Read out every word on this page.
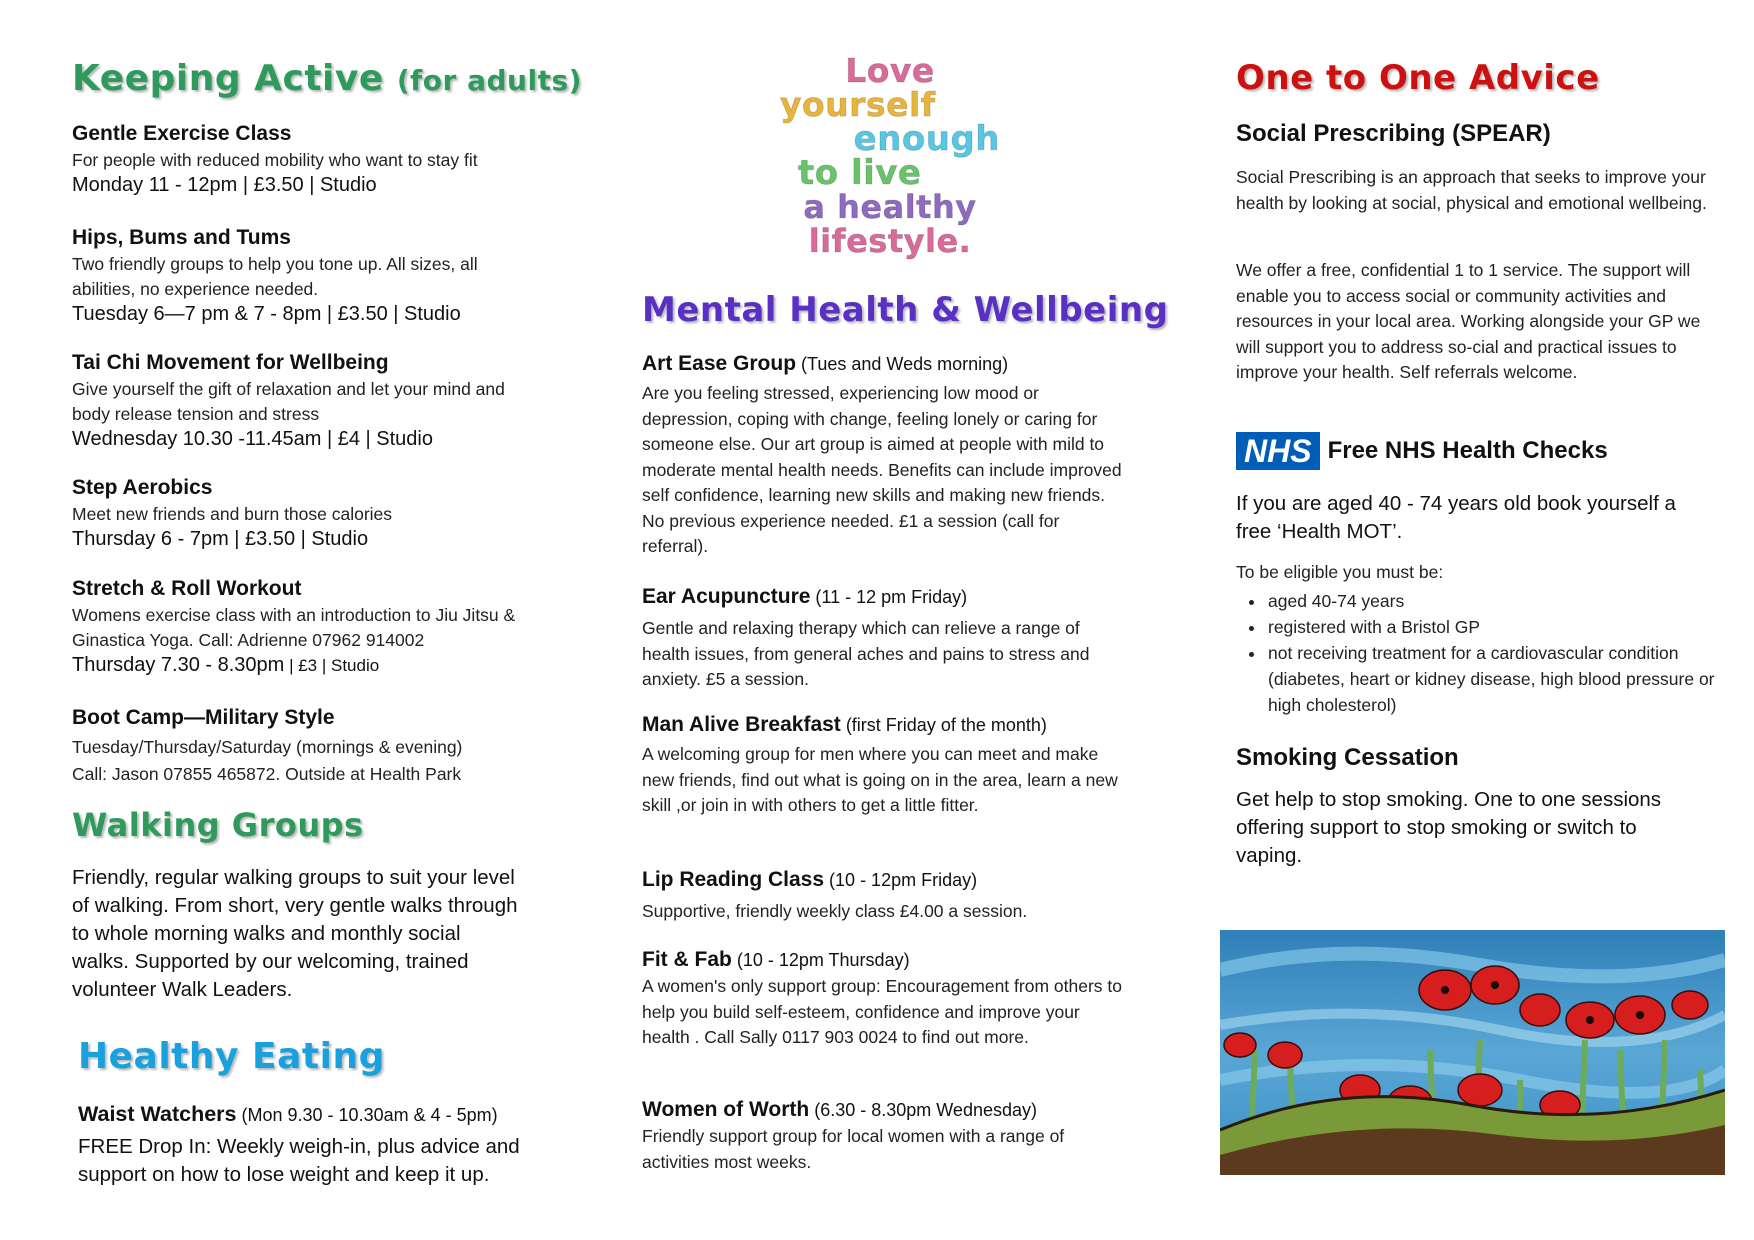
Keeping Active (for adults)

Gentle Exercise Class

For people with reduced mobility who want to stay fit

Monday 11 - 12pm | £3.50 | Studio

Hips, Bums and Tums

Two friendly groups to help you tone up. All sizes, all abilities, no experience needed.

Tuesday 6—7 pm & 7 - 8pm | £3.50 | Studio

Tai Chi Movement for Wellbeing

Give yourself the gift of relaxation and let your mind and body release tension and stress

Wednesday 10.30 -11.45am | £4 | Studio

Step Aerobics

Meet new friends and burn those calories

Thursday 6 - 7pm | £3.50 | Studio

Stretch & Roll Workout

Womens exercise class with an introduction to Jiu Jitsu & Ginastica Yoga. Call: Adrienne 07962 914002

Thursday 7.30 - 8.30pm | £3 | Studio

Boot Camp—Military Style

Tuesday/Thursday/Saturday (mornings & evening)

Call: Jason 07855 465872. Outside at Health Park

Walking Groups

Friendly, regular walking groups to suit your level of walking. From short, very gentle walks through to whole morning walks and monthly social walks. Supported by our welcoming, trained volunteer Walk Leaders.

Healthy Eating

Waist Watchers (Mon 9.30 - 10.30am & 4 - 5pm)

FREE Drop In: Weekly weigh-in, plus advice and support on how to lose weight and keep it up.

Love
yourself
enough
to live
a healthy
lifestyle.
Mental Health & Wellbeing

Art Ease Group (Tues and Weds morning)

Are you feeling stressed, experiencing low mood or depression, coping with change, feeling lonely or caring for someone else. Our art group is aimed at people with mild to moderate mental health needs. Benefits can include improved self confidence, learning new skills and making new friends. No previous experience needed. £1 a session (call for referral).

Ear Acupuncture (11 - 12 pm Friday)

Gentle and relaxing therapy which can relieve a range of health issues, from general aches and pains to stress and anxiety. £5 a session.

Man Alive Breakfast (first Friday of the month)

A welcoming group for men where you can meet and make new friends, find out what is going on in the area, learn a new skill ,or join in with others to get a little fitter.

Lip Reading Class (10 - 12pm Friday)

Supportive, friendly weekly class £4.00 a session.

Fit & Fab (10 - 12pm Thursday)

A women's only support group: Encouragement from others to help you build self-esteem, confidence and improve your health . Call Sally 0117 903 0024 to find out more.

Women of Worth (6.30 - 8.30pm Wednesday)

Friendly support group for local women with a range of activities most weeks.

One to One Advice

Social Prescribing (SPEAR)

Social Prescribing is an approach that seeks to improve your health by looking at social, physical and emotional wellbeing.

We offer a free, confidential 1 to 1 service. The support will enable you to access social or community activities and resources in your local area. Working alongside your GP we will support you to address so-cial and practical issues to improve your health. Self referrals welcome.

NHS Free NHS Health Checks

If you are aged 40 - 74 years old book yourself a free ‘Health MOT’.

To be eligible you must be:

• aged 40-74 years
• registered with a Bristol GP
• not receiving treatment for a cardiovascular condition (diabetes, heart or kidney disease, high blood pressure or high cholesterol)

Smoking Cessation

Get help to stop smoking. One to one sessions offering support to stop smoking or switch to vaping.
